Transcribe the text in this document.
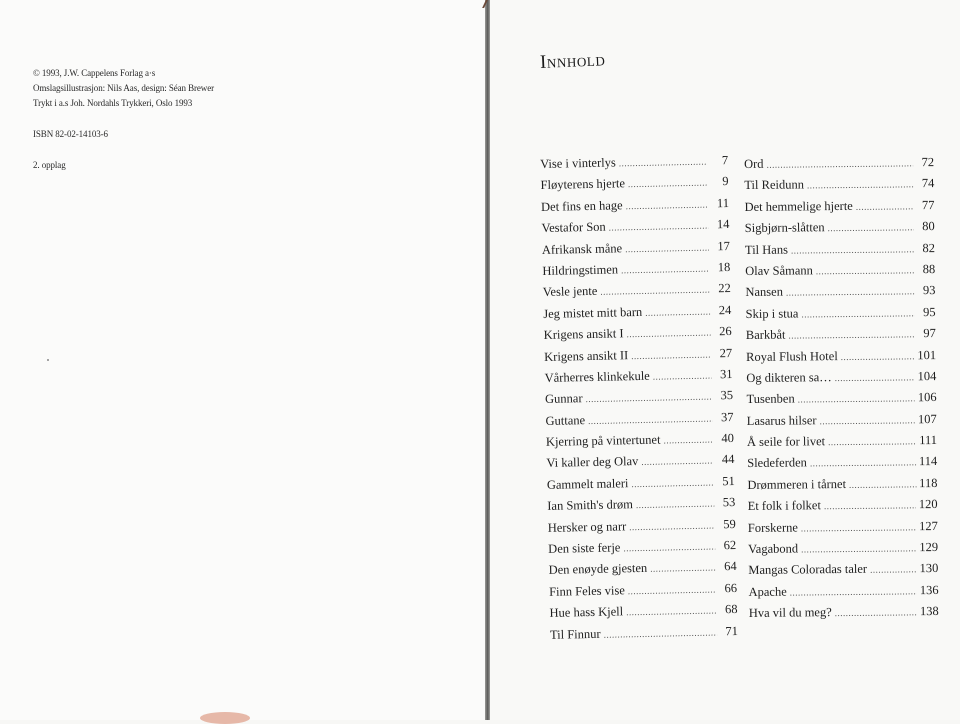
© 1993, J.W. Cappelens Forlag a·s
Omslagsillustrasjon: Nils Aas, design: Séan Brewer
Trykt i a.s Joh. Nordahls Trykkeri, Oslo 1993
ISBN 82-02-14103-6
2. opplag
Innhold
Vise i vinterlys .....	7
Fløyterens hjerte .....	9
Det fins en hage .....	11
Vestafor Son .....	14
Afrikansk måne .....	17
Hildringstimen .....	18
Vesle jente .....	22
Jeg mistet mitt barn .....	24
Krigens ansikt I .....	26
Krigens ansikt II .....	27
Vårherres klinkekule .....	31
Gunnar .....	35
Guttane .....	37
Kjerring på vintertunet .....	40
Vi kaller deg Olav .....	44
Gammelt maleri .....	51
Ian Smith's drøm .....	53
Hersker og narr .....	59
Den siste ferje .....	62
Den enøyde gjesten .....	64
Finn Feles vise .....	66
Hue hass Kjell .....	68
Til Finnur .....	71
Ord .....	72
Til Reidunn .....	74
Det hemmelige hjerte .....	77
Sigbjørn-slåtten .....	80
Til Hans .....	82
Olav Såmann .....	88
Nansen .....	93
Skip i stua .....	95
Barkbåt .....	97
Royal Flush Hotel .....	101
Og dikteren sa… .....	104
Tusenben .....	106
Lasarus hilser .....	107
Å seile for livet .....	111
Sledeferden .....	114
Drømmeren i tårnet .....	118
Et folk i folket .....	120
Forskerne .....	127
Vagabond .....	129
Mangas Coloradas taler .....	130
Apache .....	136
Hva vil du meg? .....	138
